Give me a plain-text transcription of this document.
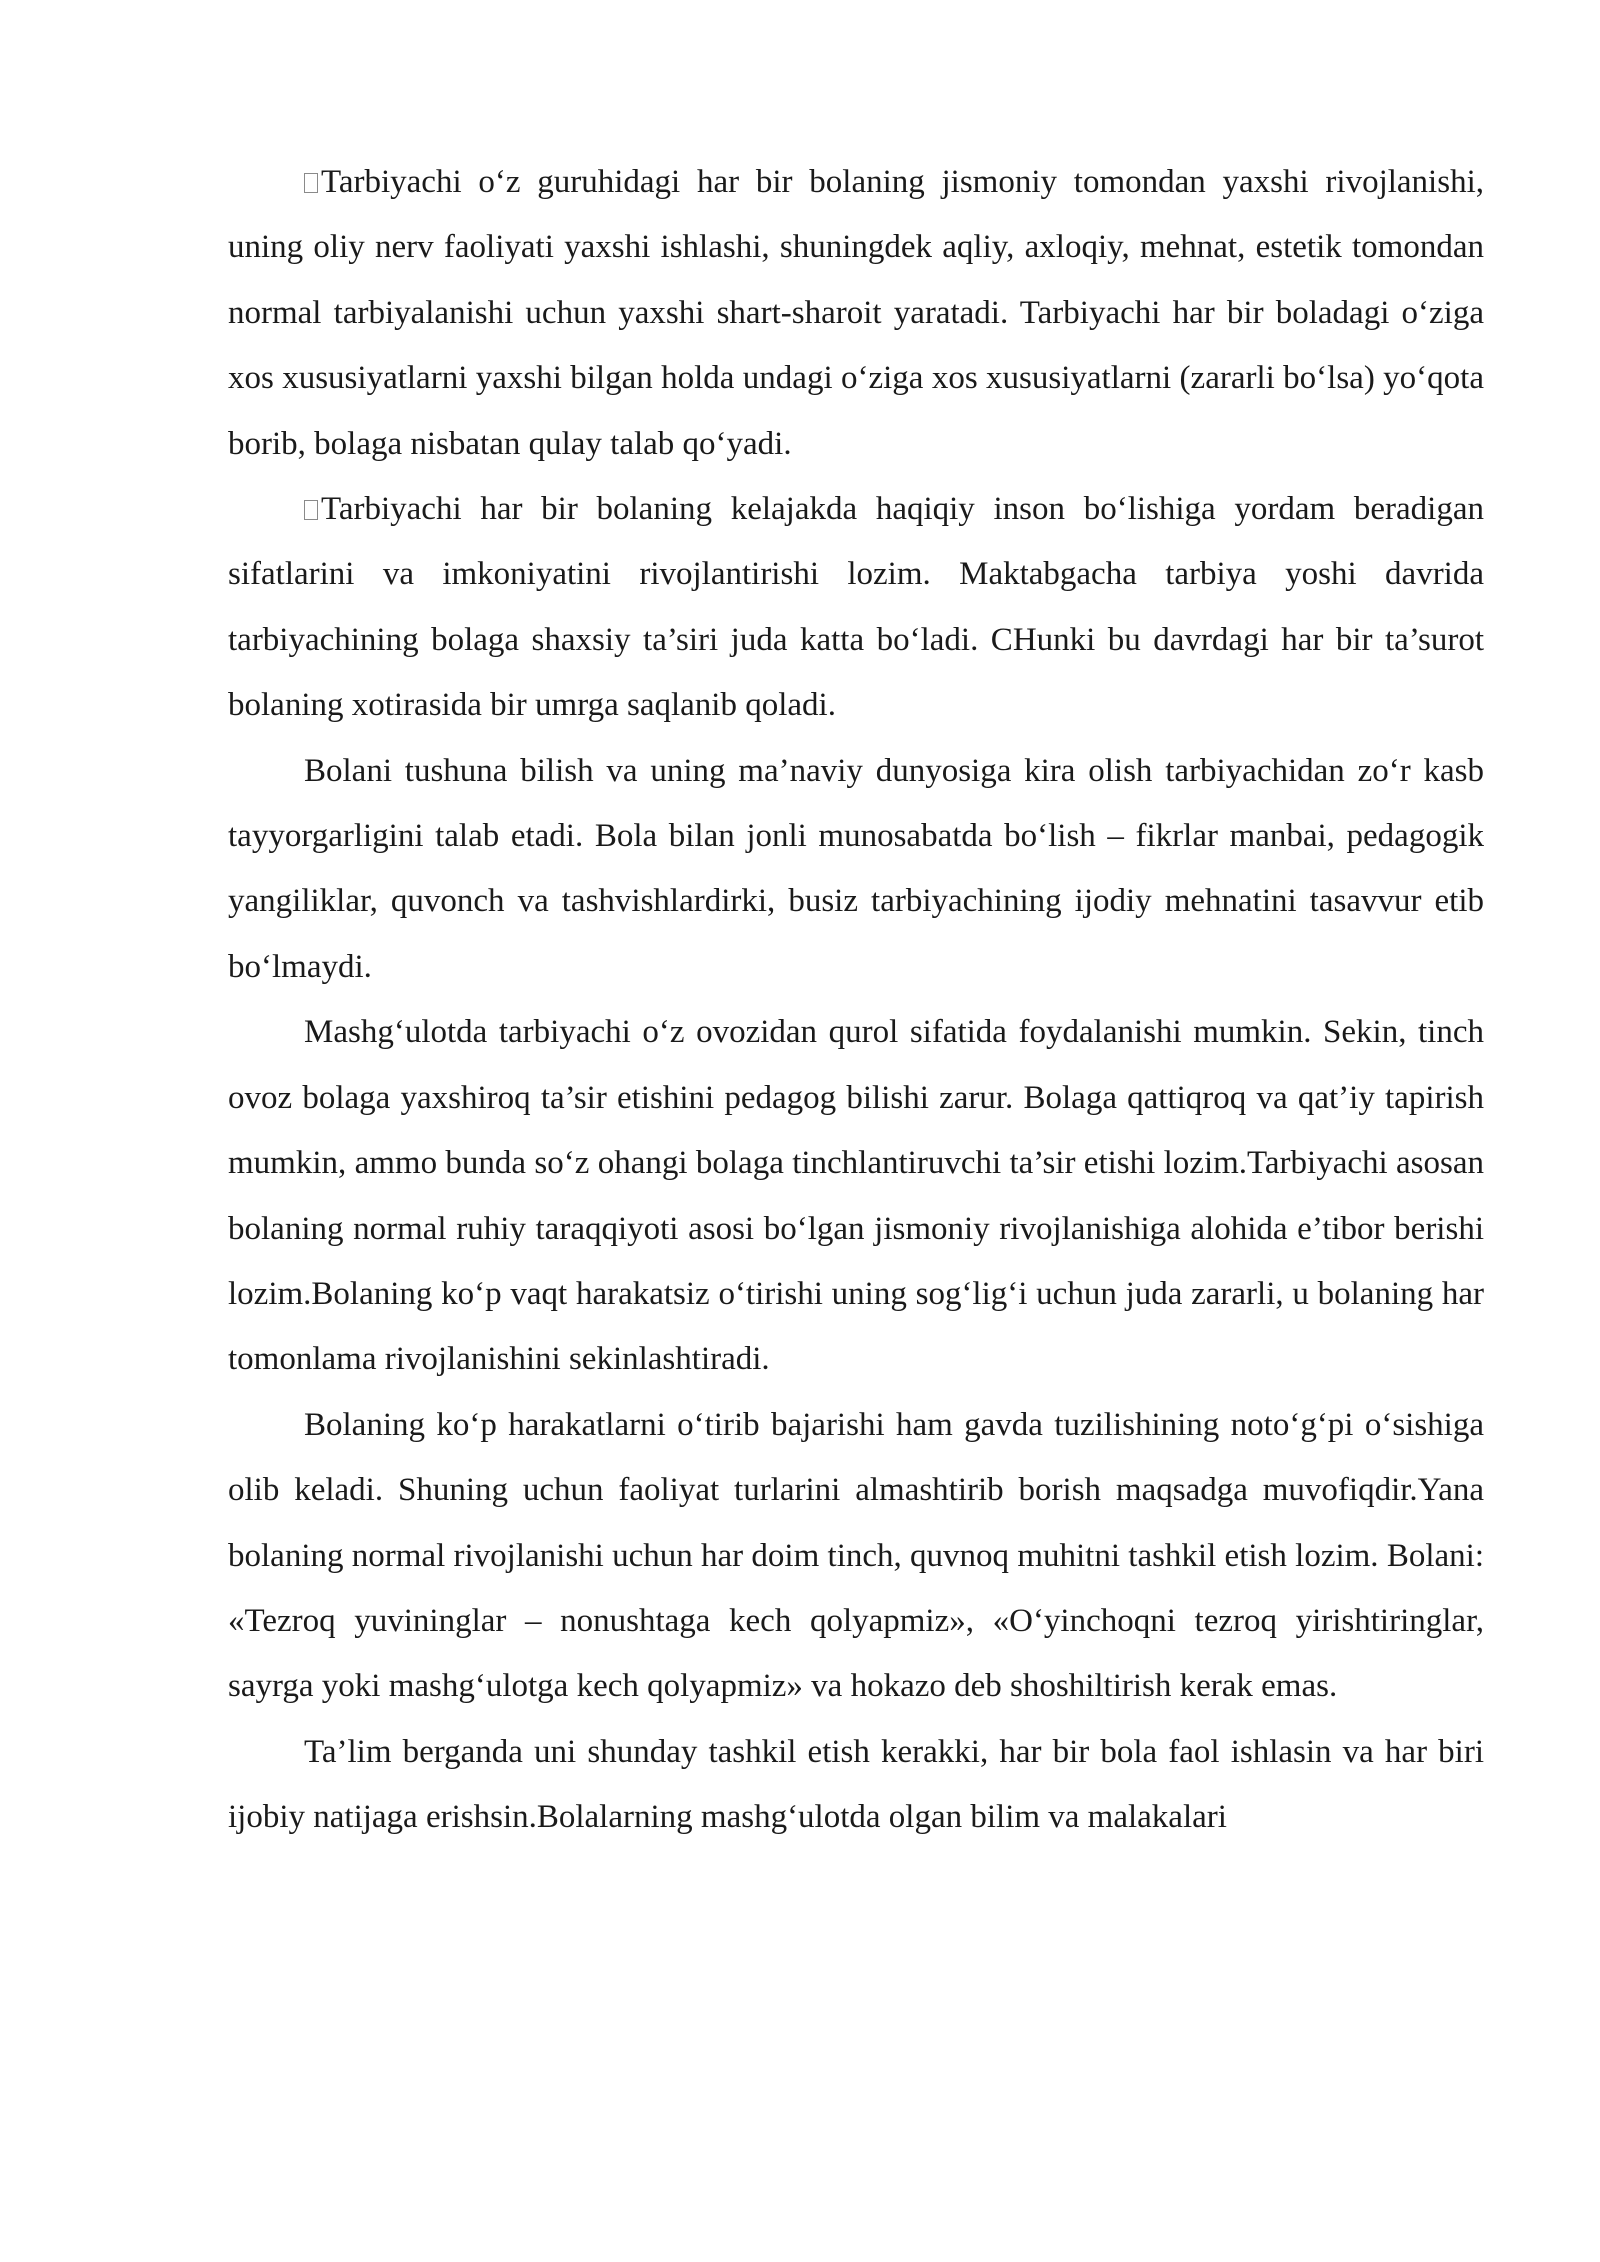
Tarbiyachi o‘z guruhidagi har bir bolaning jismoniy tomondan yaxshi rivojlanishi, uning oliy nerv faoliyati yaxshi ishlashi, shuningdek aqliy, axloqiy, mehnat, estetik tomondan normal tarbiyalanishi uchun yaxshi shart-sharoit yaratadi. Tarbiyachi har bir boladagi o‘ziga xos xususiyatlarni yaxshi bilgan holda undagi o‘ziga xos xususiyatlarni (zararli bo‘lsa) yo‘qota borib, bolaga nisbatan qulay talab qo‘yadi.

Tarbiyachi har bir bolaning kelajakda haqiqiy inson bo‘lishiga yordam beradigan sifatlarini va imkoniyatini rivojlantirishi lozim. Maktabgacha tarbiya yoshi davrida tarbiyachining bolaga shaxsiy ta’siri juda katta bo‘ladi. CHunki bu davrdagi har bir ta’surot bolaning xotirasida bir umrga saqlanib qoladi.

Bolani tushuna bilish va uning ma’naviy dunyosiga kira olish tarbiyachidan zo‘r kasb tayyorgarligini talab etadi. Bola bilan jonli munosabatda bo‘lish – fikrlar manbai, pedagogik yangiliklar, quvonch va tashvishlardirki, busiz tarbiyachining ijodiy mehnatini tasavvur etib bo‘lmaydi.

Mashg‘ulotda tarbiyachi o‘z ovozidan qurol sifatida foydalanishi mumkin. Sekin, tinch ovoz bolaga yaxshiroq ta’sir etishini pedagog bilishi zarur. Bolaga qattiqroq va qat’iy tapirish mumkin, ammo bunda so‘z ohangi bolaga tinchlantiruvchi ta’sir etishi lozim.Tarbiyachi asosan bolaning normal ruhiy taraqqiyoti asosi bo‘lgan jismoniy rivojlanishiga alohida e’tibor berishi lozim.Bolaning ko‘p vaqt harakatsiz o‘tirishi uning sog‘lig‘i uchun juda zararli, u bolaning har tomonlama rivojlanishini sekinlashtiradi.

Bolaning ko‘p harakatlarni o‘tirib bajarishi ham gavda tuzilishining noto‘g‘pi o‘sishiga olib keladi. Shuning uchun faoliyat turlarini almashtirib borish maqsadga muvofiqdir.Yana bolaning normal rivojlanishi uchun har doim tinch, quvnoq muhitni tashkil etish lozim. Bolani: «Tezroq yuvininglar – nonushtaga kech qolyapmiz», «O‘yinchoqni tezroq yirishtiringlar, sayrga yoki mashg‘ulotga kech qolyapmiz» va hokazo deb shoshiltirish kerak emas.

Ta’lim berganda uni shunday tashkil etish kerakki, har bir bola faol ishlasin va har biri ijobiy natijaga erishsin.Bolalarning mashg‘ulotda olgan bilim va malakalari
